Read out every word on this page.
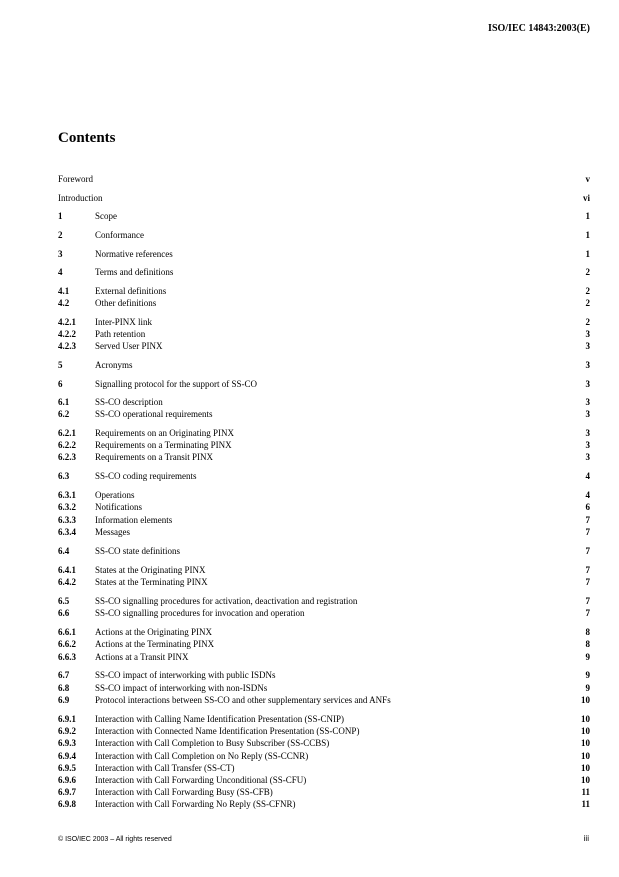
ISO/IEC 14843:2003(E)
Contents
Foreword	v
Introduction	vi
1	Scope	1
2	Conformance	1
3	Normative references	1
4	Terms and definitions	2
4.1	External definitions	2
4.2	Other definitions	2
4.2.1 Inter-PINX link	2
4.2.2 Path retention	3
4.2.3 Served User PINX	3
5	Acronyms	3
6	Signalling protocol for the support of SS-CO	3
6.1	SS-CO description	3
6.2	SS-CO operational requirements	3
6.2.1 Requirements on an Originating PINX	3
6.2.2 Requirements on a Terminating PINX	3
6.2.3 Requirements on a Transit PINX	3
6.3	SS-CO coding requirements	4
6.3.1 Operations	4
6.3.2 Notifications	6
6.3.3 Information elements	7
6.3.4 Messages	7
6.4	SS-CO state definitions	7
6.4.1 States at the Originating PINX	7
6.4.2 States at the Terminating PINX	7
6.5	SS-CO signalling procedures for activation, deactivation and registration	7
6.6	SS-CO signalling procedures for invocation and operation	7
6.6.1 Actions at the Originating PINX	8
6.6.2 Actions at the Terminating PINX	8
6.6.3 Actions at a Transit PINX	9
6.7	SS-CO impact of interworking with public ISDNs	9
6.8	SS-CO impact of interworking with non-ISDNs	9
6.9	Protocol interactions between SS-CO and other supplementary services and ANFs	10
6.9.1 Interaction with Calling Name Identification Presentation (SS-CNIP)	10
6.9.2 Interaction with Connected Name Identification Presentation (SS-CONP)	10
6.9.3 Interaction with Call Completion to Busy Subscriber (SS-CCBS)	10
6.9.4 Interaction with Call Completion on No Reply (SS-CCNR)	10
6.9.5 Interaction with Call Transfer (SS-CT)	10
6.9.6 Interaction with Call Forwarding Unconditional (SS-CFU)	10
6.9.7 Interaction with Call Forwarding Busy (SS-CFB)	11
6.9.8 Interaction with Call Forwarding No Reply (SS-CFNR)	11
© ISO/IEC 2003 – All rights reserved	iii
